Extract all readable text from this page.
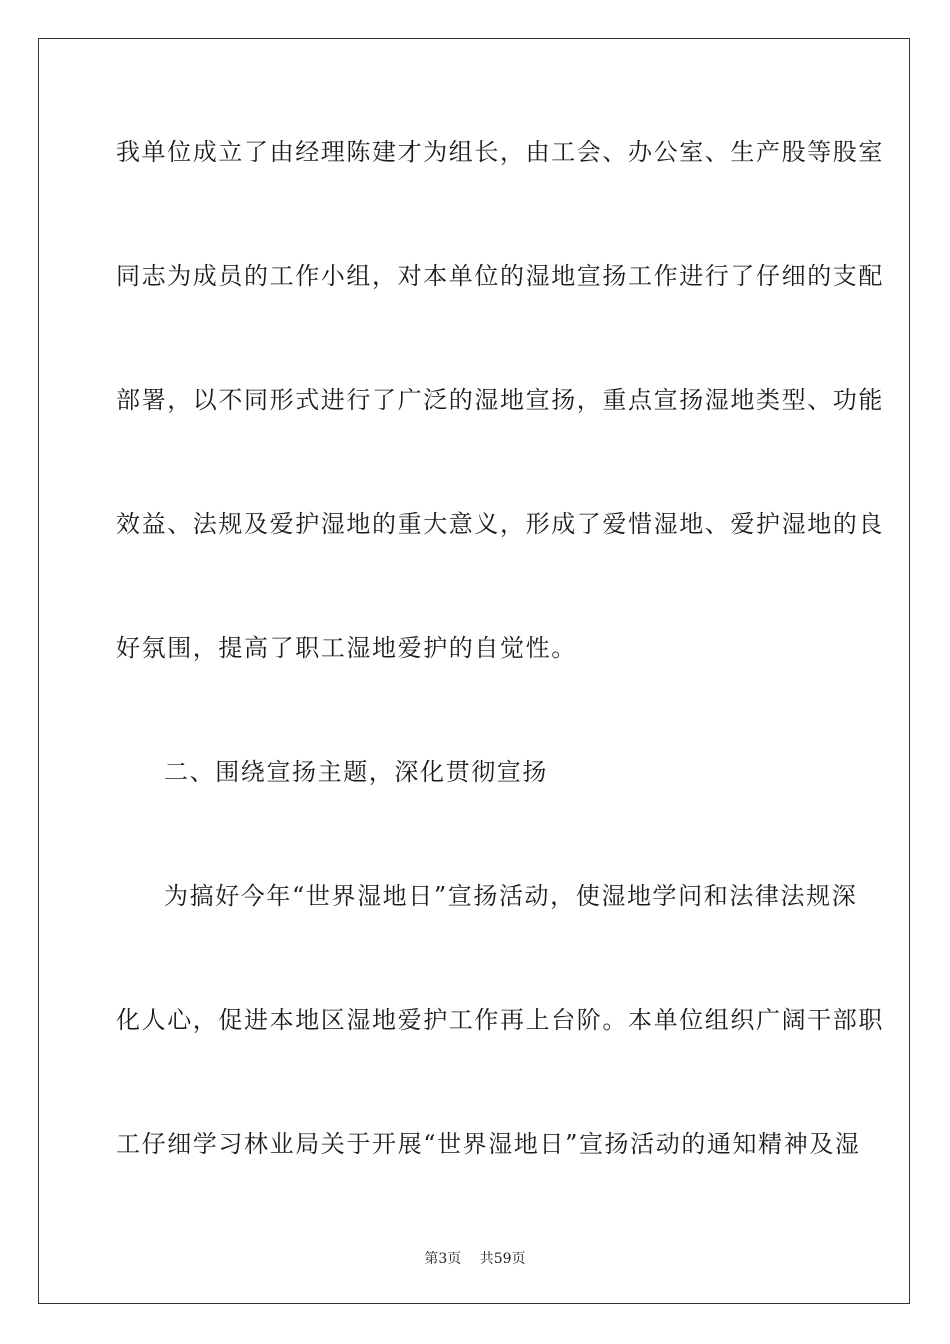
我单位成立了由经理陈建才为组长，由工会、办公室、生产股等股室
同志为成员的工作小组，对本单位的湿地宣扬工作进行了仔细的支配
部署，以不同形式进行了广泛的湿地宣扬，重点宣扬湿地类型、功能
效益、法规及爱护湿地的重大意义，形成了爱惜湿地、爱护湿地的良
好氛围，提高了职工湿地爱护的自觉性。
二、围绕宣扬主题，深化贯彻宣扬
为搞好今年“世界湿地日”宣扬活动，使湿地学问和法律法规深
化人心，促进本地区湿地爱护工作再上台阶。本单位组织广阔干部职
工仔细学习林业局关于开展“世界湿地日”宣扬活动的通知精神及湿
第3页 共59页
